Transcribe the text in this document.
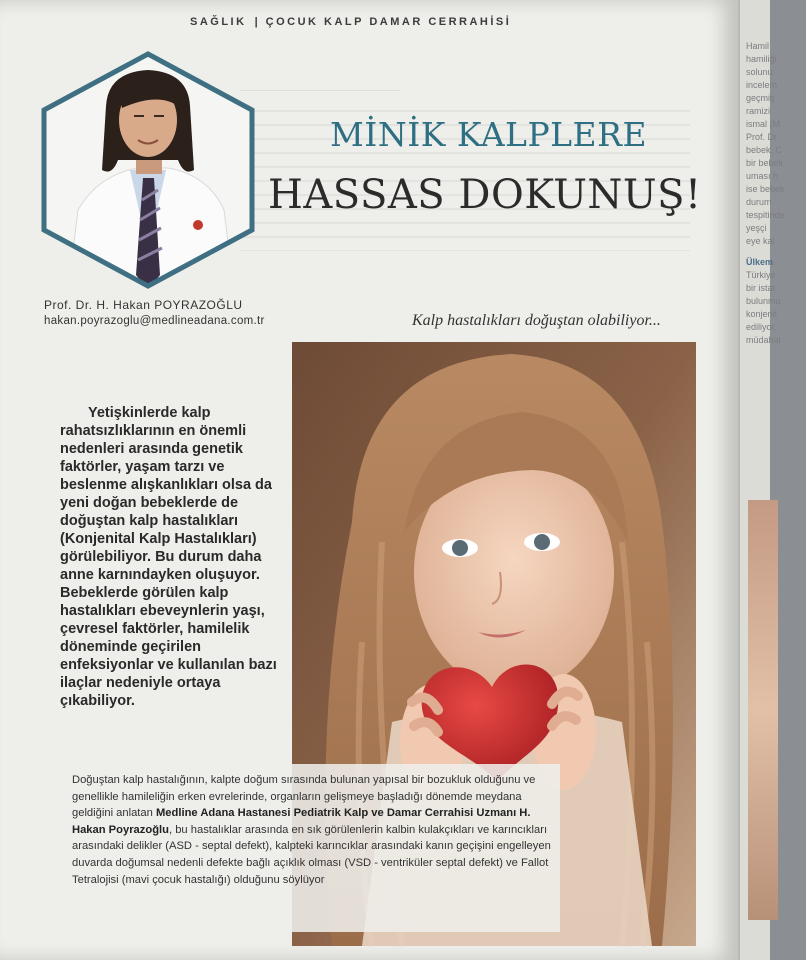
SAĞLIK | ÇOCUK KALP DAMAR CERRAHİSİ
MİNİK KALPLERE
HASSAS DOKUNUŞ!
Prof. Dr. H. Hakan POYRAZOĞLU
hakan.poyrazoglu@medlineadana.com.tr	Kalp hastalıkları doğuştan olabiliyor...
Yetişkinlerde kalp rahatsızlıklarının en önemli nedenleri arasında genetik faktörler, yaşam tarzı ve beslenme alışkanlıkları olsa da yeni doğan bebeklerde de doğuştan kalp hastalıkları (Konjenital Kalp Hastalıkları) görülebiliyor. Bu durum daha anne karnındayken oluşuyor. Bebeklerde görülen kalp hastalıkları ebeveynlerin yaşı, çevresel faktörler, hamilelik döneminde geçirilen enfeksiyonlar ve kullanılan bazı ilaçlar nedeniyle ortaya çıkabiliyor.
Doğuştan kalp hastalığının, kalpte doğum sırasında bulunan yapısal bir bozukluk olduğunu ve genellikle hamileliğin erken evrelerinde, organların gelişmeye başladığı dönemde meydana geldiğini anlatan Medline Adana Hastanesi Pediatrik Kalp ve Damar Cerrahisi Uzmanı H. Hakan Poyrazoğlu, bu hastalıklar arasında en sık görülenlerin kalbin kulakçıkları ve karıncıkları arasındaki delikler (ASD - septal defekt), kalpteki karıncıklar arasındaki kanın geçişini engelleyen duvarda doğumsal nedenli defekte bağlı açıklık olması (VSD - ventriküler septal defekt) ve Fallot Tetralojisi (mavi çocuk hastalığı) olduğunu söylüyor
Hamil
hamiliği
solunu
incelem
geçmiş
ramizi
ismal (M
Prof. Dr
bebek, C
bir bebek
uması h
ise bebek
durum
tespitinde
yeşçi
eye kal
Ülkem
Türkiye
bir istat
bulunmu
konjenit
ediliyor.
müdahal
